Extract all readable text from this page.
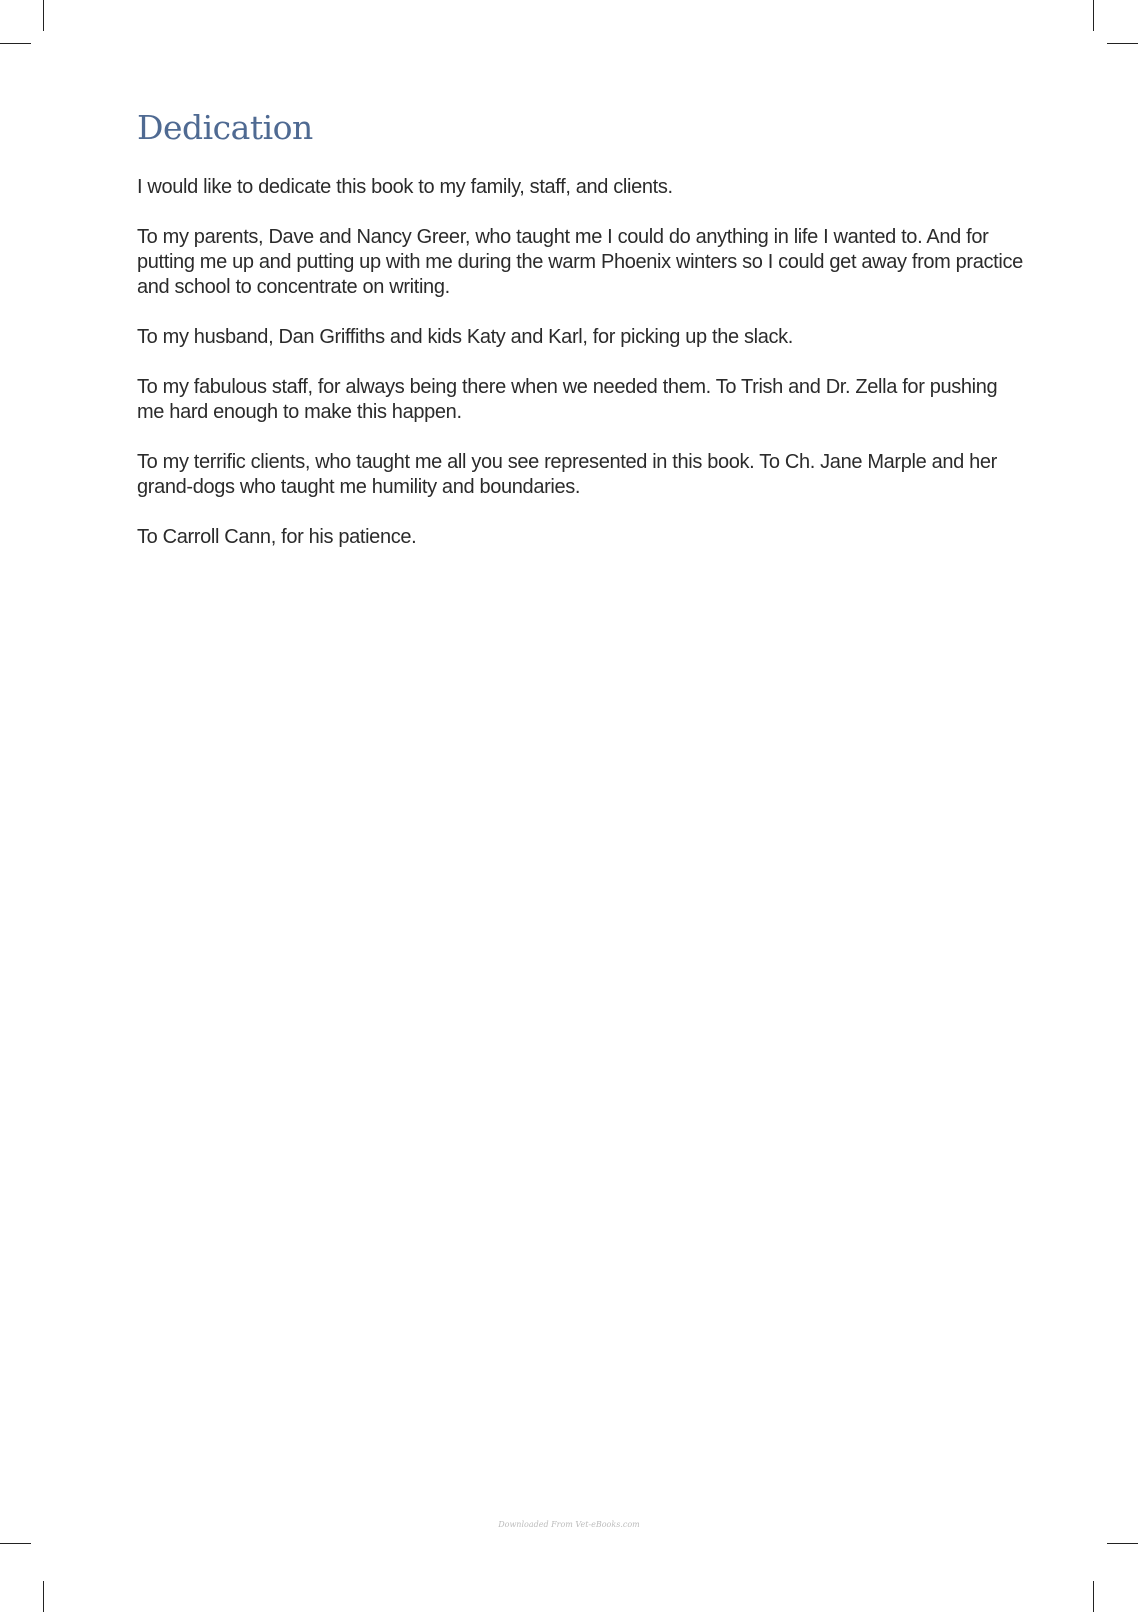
Dedication

I would like to dedicate this book to my family, staff, and clients.

To my parents, Dave and Nancy Greer, who taught me I could do anything in life I wanted to. And for putting me up and putting up with me during the warm Phoenix winters so I could get away from practice and school to concentrate on writing.

To my husband, Dan Griffiths and kids Katy and Karl, for picking up the slack.

To my fabulous staff, for always being there when we needed them. To Trish and Dr. Zella for pushing me hard enough to make this happen.

To my terrific clients, who taught me all you see represented in this book. To Ch. Jane Marple and her grand-dogs who taught me humility and boundaries.

To Carroll Cann, for his patience.

Downloaded From Vet-eBooks.com
